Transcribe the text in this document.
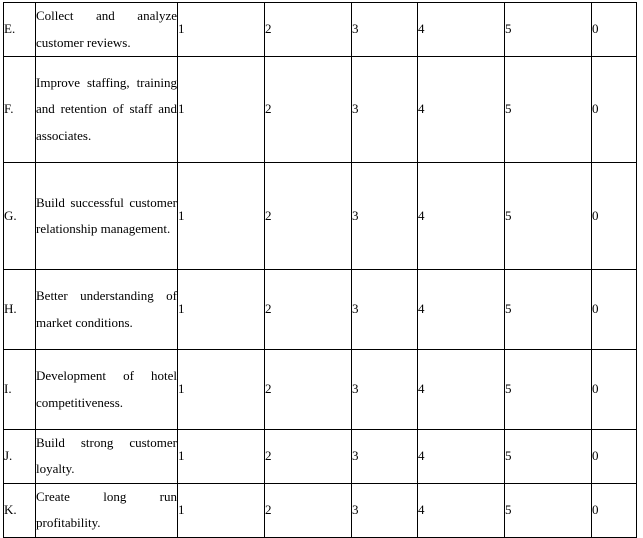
E.	Collect and analyze customer reviews.	1	2	3	4	5	0
F.	Improve staffing, training and retention of staff and associates.	1	2	3	4	5	0
G.	Build successful customer relationship management.	1	2	3	4	5	0
H.	Better understanding of market conditions.	1	2	3	4	5	0
I.	Development of hotel competitiveness.	1	2	3	4	5	0
J.	Build strong customer loyalty.	1	2	3	4	5	0
K.	Create long run profitability.	1	2	3	4	5	0
